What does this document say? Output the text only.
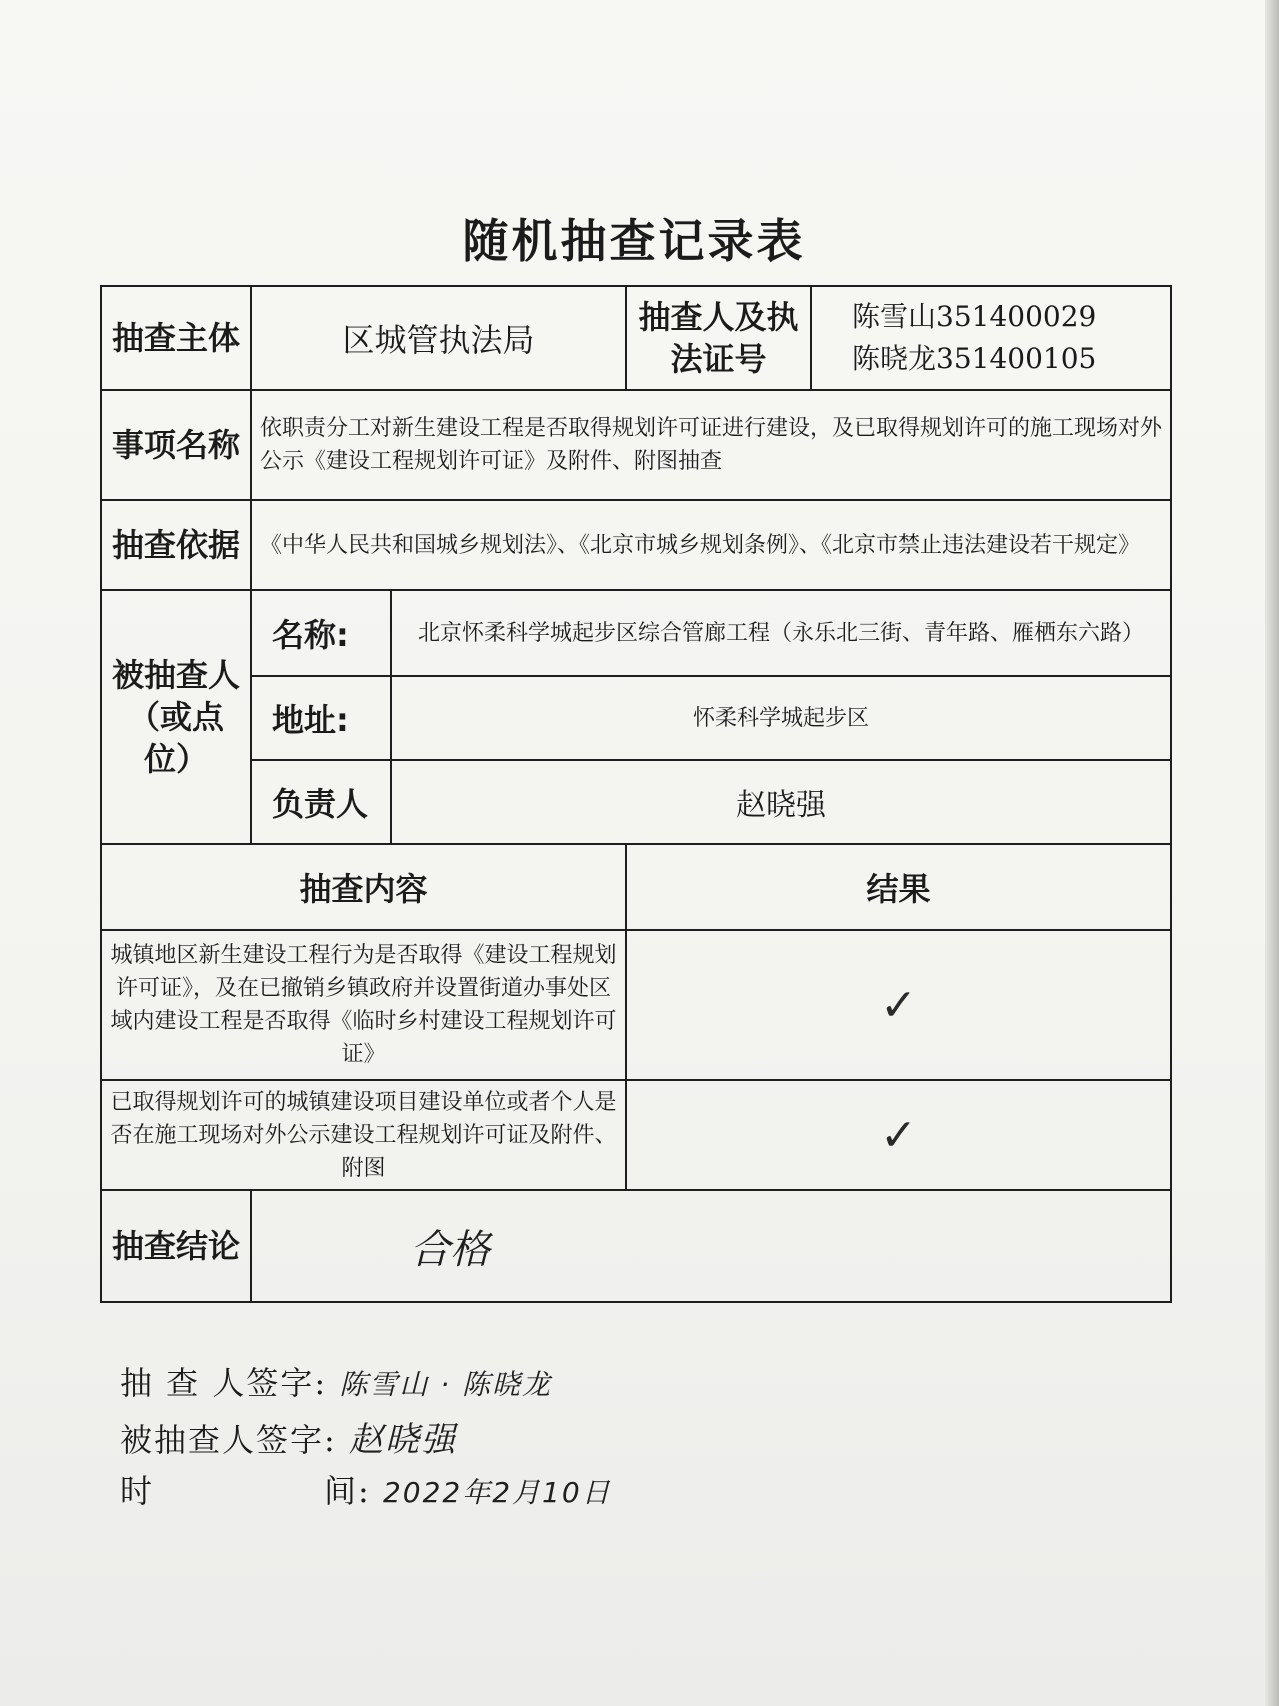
随机抽查记录表
抽查主体	区城管执法局		抽查人及执法证号	陈雪山351400029
陈晓龙351400105

事项名称	依职责分工对新生建设工程是否取得规划许可证进行建设，及已取得规划许可的施工现场对外公示《建设工程规划许可证》及附件、附图抽查			
抽查依据	《中华人民共和国城乡规划法》、《北京市城乡规划条例》、《北京市禁止违法建设若干规定》			
被抽查人（或点位）	名称:	北京怀柔科学城起步区综合管廊工程（永乐北三街、青年路、雁栖东六路）		
	地址:	怀柔科学城起步区		
	负责人	赵晓强		
抽查内容			结果	
城镇地区新生建设工程行为是否取得《建设工程规划许可证》，及在已撤销乡镇政府并设置街道办事处区域内建设工程是否取得《临时乡村建设工程规划许可证》			✓	
已取得规划许可的城镇建设项目建设单位或者个人是否在施工现场对外公示建设工程规划许可证及附件、附图			✓	
抽查结论	合格			
抽 查 人签字: 陈雪山 · 陈晓龙
被抽查人签字: 赵晓强
时　　　　　间: 2022年2月10日
